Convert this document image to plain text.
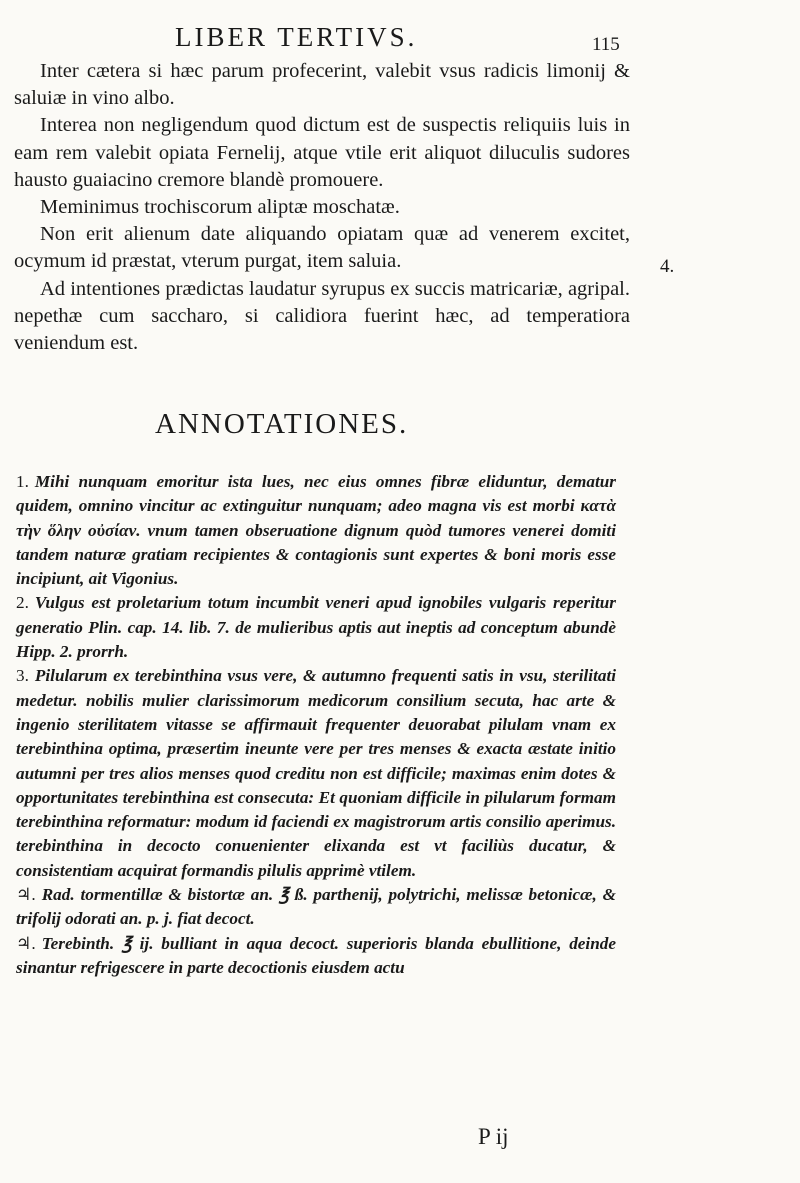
LIBER TERTIVS.	115

Inter cætera si hæc parum profecerint, valebit vsus radicis limonij & saluiæ in vino albo.

Interea non negligendum quod dictum est de suspectis reliquiis luis in eam rem valebit opiata Fernelij, atque vtile erit aliquot diluculis sudores hausto guaiacino cremore blandè promouere.

Meminimus trochiscorum aliptæ moschatæ.

Non erit alienum date aliquando opiatam quæ ad venerem excitet, ocymum id præstat, vterum purgat, item saluia.

Ad intentiones prædictas laudatur syrupus ex succis matricariæ, agripal. nepethæ cum saccharo, si calidiora fuerint hæc, ad temperatiora veniendum est.

4.
ANNOTATIONES.

1. Mihi nunquam emoritur ista lues, nec eius omnes fibræ eliduntur, dematur quidem, omnino vincitur ac extinguitur nunquam; adeo magna vis est morbi κατὰ τὴν ὅλην οὐσίαν. vnum tamen obseruatione dignum quòd tumores venerei domiti tandem naturæ gratiam recipientes & contagionis sunt expertes & boni moris esse incipiunt, ait Vigonius.

2. Vulgus est proletarium totum incumbit veneri apud ignobiles vulgaris reperitur generatio Plin. cap. 14. lib. 7. de mulieribus aptis aut ineptis ad conceptum abundè Hipp. 2. prorrh.

3. Pilularum ex terebinthina vsus vere, & autumno frequenti satis in vsu, sterilitati medetur. nobilis mulier clarissimorum medicorum consilium secuta, hac arte & ingenio sterilitatem vitasse se affirmauit frequenter deuorabat pilulam vnam ex terebinthina optima, præsertim ineunte vere per tres menses & exacta æstate initio autumni per tres alios menses quod creditu non est difficile; maximas enim dotes & opportunitates terebinthina est consecuta: Et quoniam difficile in pilularum formam terebinthina reformatur: modum id faciendi ex magistrorum artis consilio aperimus. terebinthina in decocto conuenienter elixanda est vt faciliùs ducatur, & consistentiam acquirat formandis pilulis apprimè vtilem.

♃. Rad. tormentillæ & bistortæ an. ℥ ß. parthenij, polytrichi, melissæ betonicæ, & trifolij odorati an. p. j. fiat decoct.

♃. Terebinth. ℥ ij. bulliant in aqua decoct. superioris blanda ebullitione, deinde sinantur refrigescere in parte decoctionis eiusdem actu

P ij
